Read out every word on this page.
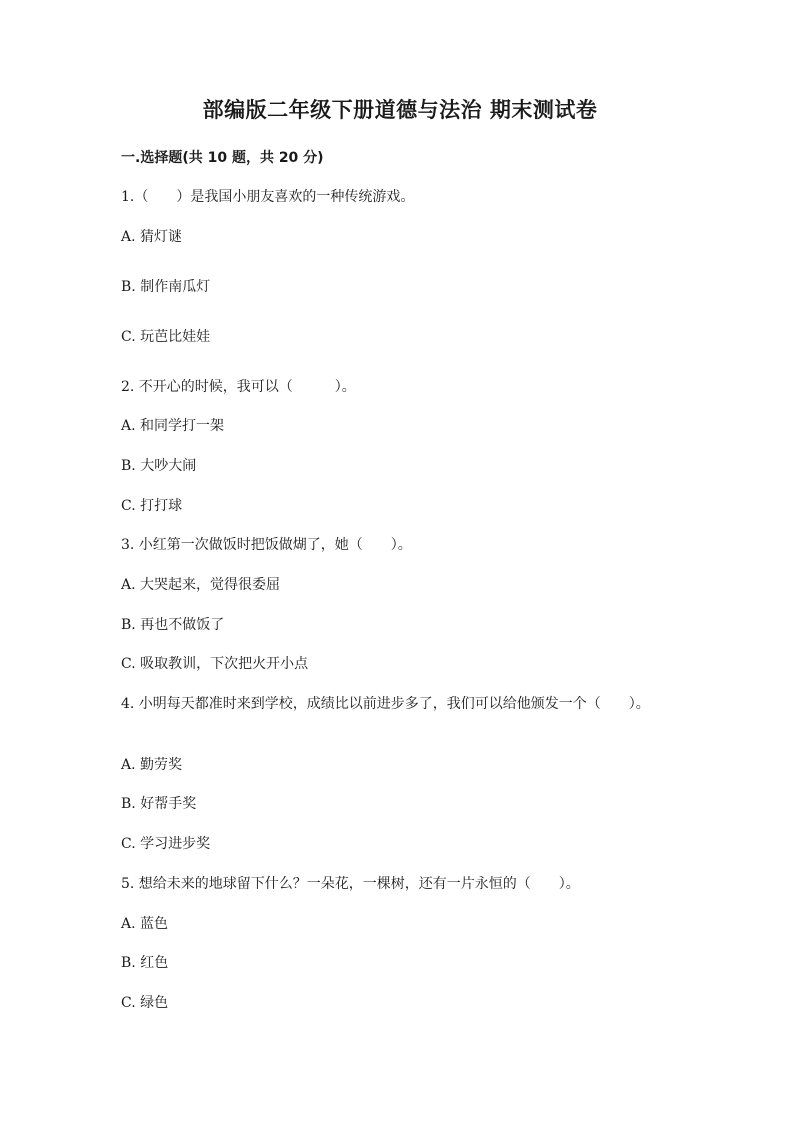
部编版二年级下册道德与法治 期末测试卷
一.选择题(共 10 题，共 20 分)
1.（　　）是我国小朋友喜欢的一种传统游戏。
A. 猜灯谜
B. 制作南瓜灯
C. 玩芭比娃娃
2. 不开心的时候，我可以（　　　）。
A. 和同学打一架
B. 大吵大闹
C. 打打球
3. 小红第一次做饭时把饭做煳了，她（　　）。
A. 大哭起来，觉得很委屈
B. 再也不做饭了
C. 吸取教训，下次把火开小点
4. 小明每天都准时来到学校，成绩比以前进步多了，我们可以给他颁发一个（　　）。
A. 勤劳奖
B. 好帮手奖
C. 学习进步奖
5. 想给未来的地球留下什么？一朵花，一棵树，还有一片永恒的（　　）。
A. 蓝色
B. 红色
C. 绿色
